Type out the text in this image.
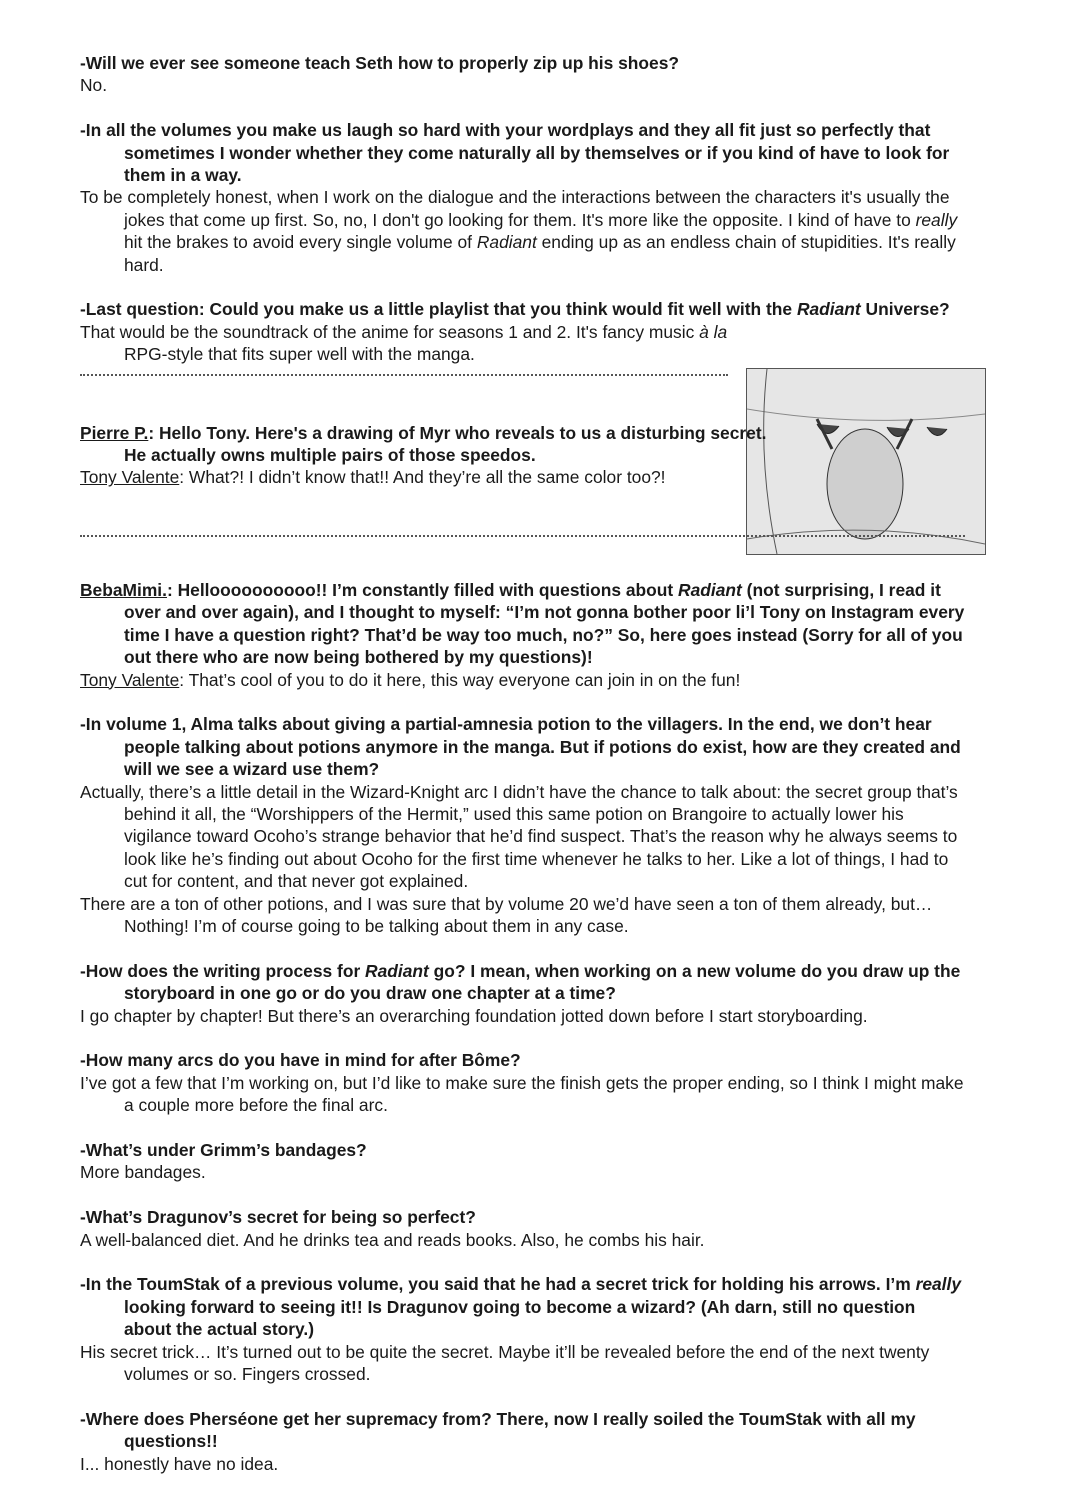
-Will we ever see someone teach Seth how to properly zip up his shoes?

No.

-In all the volumes you make us laugh so hard with your wordplays and they all fit just so perfectly that sometimes I wonder whether they come naturally all by themselves or if you kind of have to look for them in a way.

To be completely honest, when I work on the dialogue and the interactions between the characters it's usually the jokes that come up first. So, no, I don't go looking for them. It's more like the opposite. I kind of have to really hit the brakes to avoid every single volume of Radiant ending up as an endless chain of stupidities. It's really hard.

-Last question: Could you make us a little playlist that you think would fit well with the Radiant Universe?

That would be the soundtrack of the anime for seasons 1 and 2. It's fancy music à la RPG-style that fits super well with the manga.

Pierre P.: Hello Tony. Here's a drawing of Myr who reveals to us a disturbing secret. He actually owns multiple pairs of those speedos.

Tony Valente: What?! I didn’t know that!! And they’re all the same color too?!

BebaMimi.: Helloooooooooo!! I’m constantly filled with questions about Radiant (not surprising, I read it over and over again), and I thought to myself: “I’m not gonna bother poor li’l Tony on Instagram every time I have a question right? That’d be way too much, no?” So, here goes instead (Sorry for all of you out there who are now being bothered by my questions)!

Tony Valente: That’s cool of you to do it here, this way everyone can join in on the fun!

-In volume 1, Alma talks about giving a partial-amnesia potion to the villagers. In the end, we don’t hear people talking about potions anymore in the manga. But if potions do exist, how are they created and will we see a wizard use them?

Actually, there’s a little detail in the Wizard-Knight arc I didn’t have the chance to talk about: the secret group that’s behind it all, the “Worshippers of the Hermit,” used this same potion on Brangoire to actually lower his vigilance toward Ocoho’s strange behavior that he’d find suspect. That’s the reason why he always seems to look like he’s finding out about Ocoho for the first time whenever he talks to her. Like a lot of things, I had to cut for content, and that never got explained.

There are a ton of other potions, and I was sure that by volume 20 we’d have seen a ton of them already, but… Nothing! I’m of course going to be talking about them in any case.

-How does the writing process for Radiant go? I mean, when working on a new volume do you draw up the storyboard in one go or do you draw one chapter at a time?

I go chapter by chapter! But there’s an overarching foundation jotted down before I start storyboarding.

-How many arcs do you have in mind for after Bôme?

I’ve got a few that I’m working on, but I’d like to make sure the finish gets the proper ending, so I think I might make a couple more before the final arc.

-What’s under Grimm’s bandages?

More bandages.

-What’s Dragunov’s secret for being so perfect?

A well-balanced diet. And he drinks tea and reads books. Also, he combs his hair.

-In the ToumStak of a previous volume, you said that he had a secret trick for holding his arrows. I’m really looking forward to seeing it!! Is Dragunov going to become a wizard? (Ah darn, still no question about the actual story.)

His secret trick… It’s turned out to be quite the secret. Maybe it’ll be revealed before the end of the next twenty volumes or so. Fingers crossed.

-Where does Pherséone get her supremacy from? There, now I really soiled the ToumStak with all my questions!!

I... honestly have no idea.
